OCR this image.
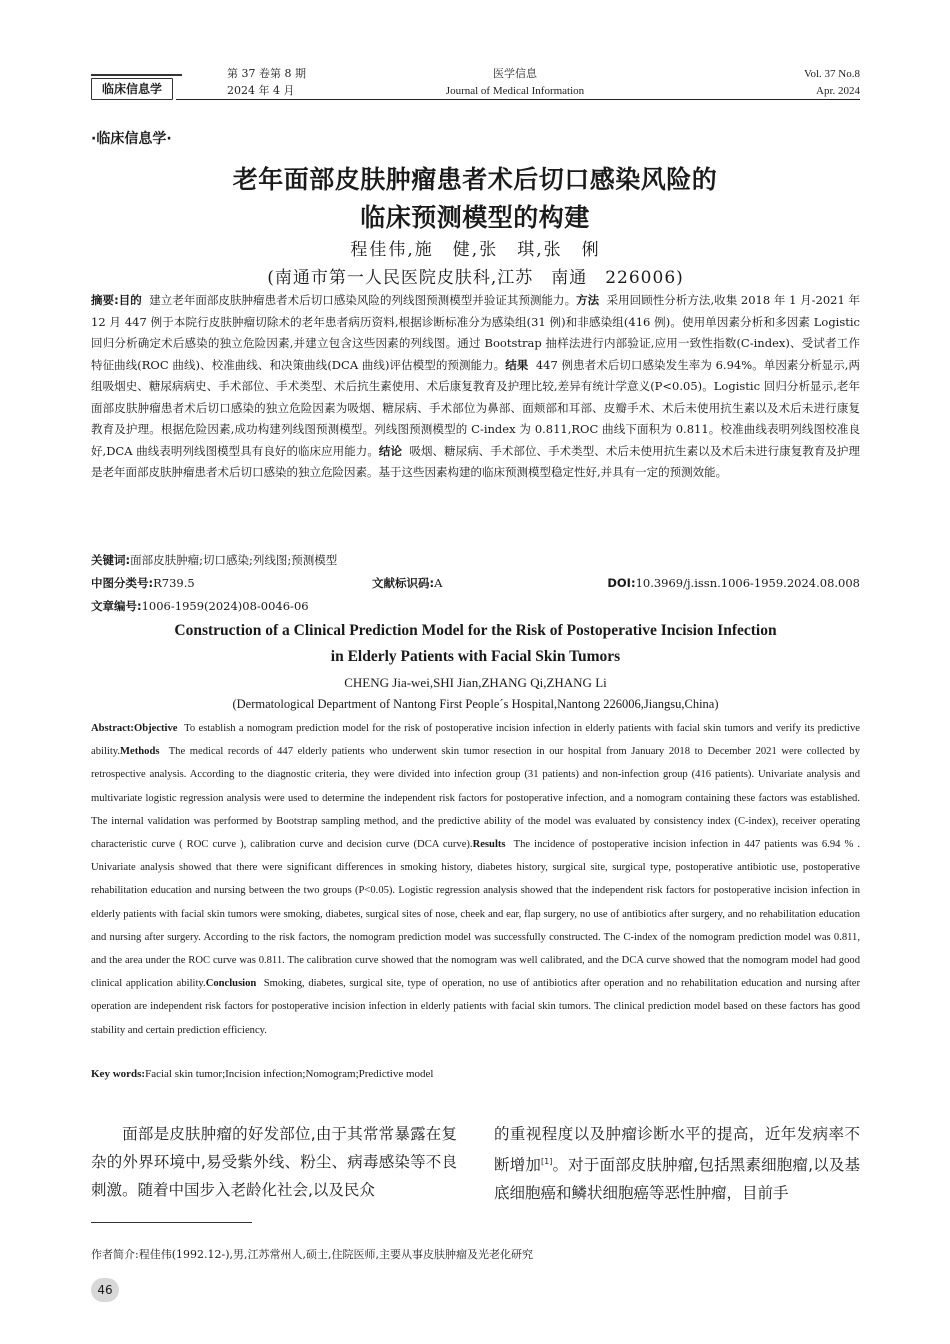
临床信息学
第 37 卷第 8 期
2024 年 4 月
医学信息
Journal of Medical Information
Vol. 37 No.8
Apr. 2024
·临床信息学·
老年面部皮肤肿瘤患者术后切口感染风险的
临床预测模型的构建
程佳伟,施　健,张　琪,张　俐
(南通市第一人民医院皮肤科,江苏　南通　226006)
摘要:目的 建立老年面部皮肤肿瘤患者术后切口感染风险的列线图预测模型并验证其预测能力。方法 采用回顾性分析方法,收集 2018 年 1 月-2021 年 12 月 447 例于本院行皮肤肿瘤切除术的老年患者病历资料,根据诊断标准分为感染组(31 例)和非感染组(416 例)。使用单因素分析和多因素 Logistic 回归分析确定术后感染的独立危险因素,并建立包含这些因素的列线图。通过 Bootstrap 抽样法进行内部验证,应用一致性指数(C-index)、受试者工作特征曲线(ROC 曲线)、校准曲线、和决策曲线(DCA 曲线)评估模型的预测能力。结果 447 例患者术后切口感染发生率为 6.94%。单因素分析显示,两组吸烟史、糖尿病病史、手术部位、手术类型、术后抗生素使用、术后康复教育及护理比较,差异有统计学意义(P<0.05)。Logistic 回归分析显示,老年面部皮肤肿瘤患者术后切口感染的独立危险因素为吸烟、糖尿病、手术部位为鼻部、面颊部和耳部、皮瓣手术、术后未使用抗生素以及术后未进行康复教育及护理。根据危险因素,成功构建列线图预测模型。列线图预测模型的 C-index 为 0.811,ROC 曲线下面积为 0.811。校准曲线表明列线图校准良好,DCA 曲线表明列线图模型具有良好的临床应用能力。结论 吸烟、糖尿病、手术部位、手术类型、术后未使用抗生素以及术后未进行康复教育及护理是老年面部皮肤肿瘤患者术后切口感染的独立危险因素。基于这些因素构建的临床预测模型稳定性好,并具有一定的预测效能。
关键词:面部皮肤肿瘤;切口感染;列线图;预测模型
中图分类号:R739.5	文献标识码:A	DOI:10.3969/j.issn.1006-1959.2024.08.008
文章编号:1006-1959(2024)08-0046-06
Construction of a Clinical Prediction Model for the Risk of Postoperative Incision Infection
in Elderly Patients with Facial Skin Tumors
CHENG Jia-wei,SHI Jian,ZHANG Qi,ZHANG Li
(Dermatological Department of Nantong First People´s Hospital,Nantong 226006,Jiangsu,China)
Abstract:Objective To establish a nomogram prediction model for the risk of postoperative incision infection in elderly patients with facial skin tumors and verify its predictive ability.Methods The medical records of 447 elderly patients who underwent skin tumor resection in our hospital from January 2018 to December 2021 were collected by retrospective analysis. According to the diagnostic criteria, they were divided into infection group (31 patients) and non-infection group (416 patients). Univariate analysis and multivariate logistic regression analysis were used to determine the independent risk factors for postoperative infection, and a nomogram containing these factors was established. The internal validation was performed by Bootstrap sampling method, and the predictive ability of the model was evaluated by consistency index (C-index), receiver operating characteristic curve ( ROC curve ), calibration curve and decision curve (DCA curve).Results The incidence of postoperative incision infection in 447 patients was 6.94 % . Univariate analysis showed that there were significant differences in smoking history, diabetes history, surgical site, surgical type, postoperative antibiotic use, postoperative rehabilitation education and nursing between the two groups (P<0.05). Logistic regression analysis showed that the independent risk factors for postoperative incision infection in elderly patients with facial skin tumors were smoking, diabetes, surgical sites of nose, cheek and ear, flap surgery, no use of antibiotics after surgery, and no rehabilitation education and nursing after surgery. According to the risk factors, the nomogram prediction model was successfully constructed. The C-index of the nomogram prediction model was 0.811, and the area under the ROC curve was 0.811. The calibration curve showed that the nomogram was well calibrated, and the DCA curve showed that the nomogram model had good clinical application ability.Conclusion Smoking, diabetes, surgical site, type of operation, no use of antibiotics after operation and no rehabilitation education and nursing after operation are independent risk factors for postoperative incision infection in elderly patients with facial skin tumors. The clinical prediction model based on these factors has good stability and certain prediction efficiency.
Key words:Facial skin tumor;Incision infection;Nomogram;Predictive model
面部是皮肤肿瘤的好发部位,由于其常常暴露在复杂的外界环境中,易受紫外线、粉尘、病毒感染等不良刺激。随着中国步入老龄化社会,以及民众
的重视程度以及肿瘤诊断水平的提高，近年发病率不断增加[1]。对于面部皮肤肿瘤,包括黑素细胞瘤,以及基底细胞癌和鳞状细胞癌等恶性肿瘤，目前手
作者简介:程佳伟(1992.12-),男,江苏常州人,硕士,住院医师,主要从事皮肤肿瘤及光老化研究
46
